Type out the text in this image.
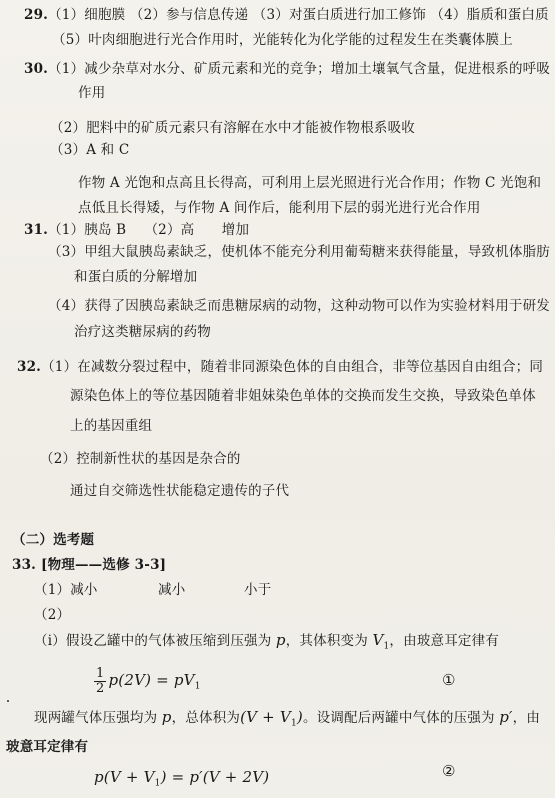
29.（1）细胞膜 （2）参与信息传递 （3）对蛋白质进行加工修饰 （4）脂质和蛋白质
（5）叶肉细胞进行光合作用时，光能转化为化学能的过程发生在类囊体膜上
30.（1）减少杂草对水分、矿质元素和光的竞争；增加土壤氧气含量，促进根系的呼吸
作用
（2）肥料中的矿质元素只有溶解在水中才能被作物根系吸收
（3）A 和 C
作物 A 光饱和点高且长得高，可利用上层光照进行光合作用；作物 C 光饱和
点低且长得矮，与作物 A 间作后，能利用下层的弱光进行光合作用
31.（1）胰岛 B　 （2）高　　增加
（3）甲组大鼠胰岛素缺乏，使机体不能充分利用葡萄糖来获得能量，导致机体脂肪
和蛋白质的分解增加
（4）获得了因胰岛素缺乏而患糖尿病的动物，这种动物可以作为实验材料用于研发
治疗这类糖尿病的药物
32.（1）在减数分裂过程中，随着非同源染色体的自由组合，非等位基因自由组合；同
源染色体上的等位基因随着非姐妹染色单体的交换而发生交换，导致染色单体
上的基因重组
（2）控制新性状的基因是杂合的
通过自交筛选性状能稳定遗传的子代
（二）选考题
33. [物理——选修 3-3]
（1）减小	减小	小于
（2）
（i）假设乙罐中的气体被压缩到压强为 p，其体积变为 $V_1$，由玻意耳定律有
$\frac{1}{2} p(2V) = pV_1$	①
现两罐气体压强均为 p，总体积为$(V + V_1)$。设调配后两罐中气体的压强为 p′，由
玻意耳定律有
$p(V + V_1) = p'(V + 2V)$	②
